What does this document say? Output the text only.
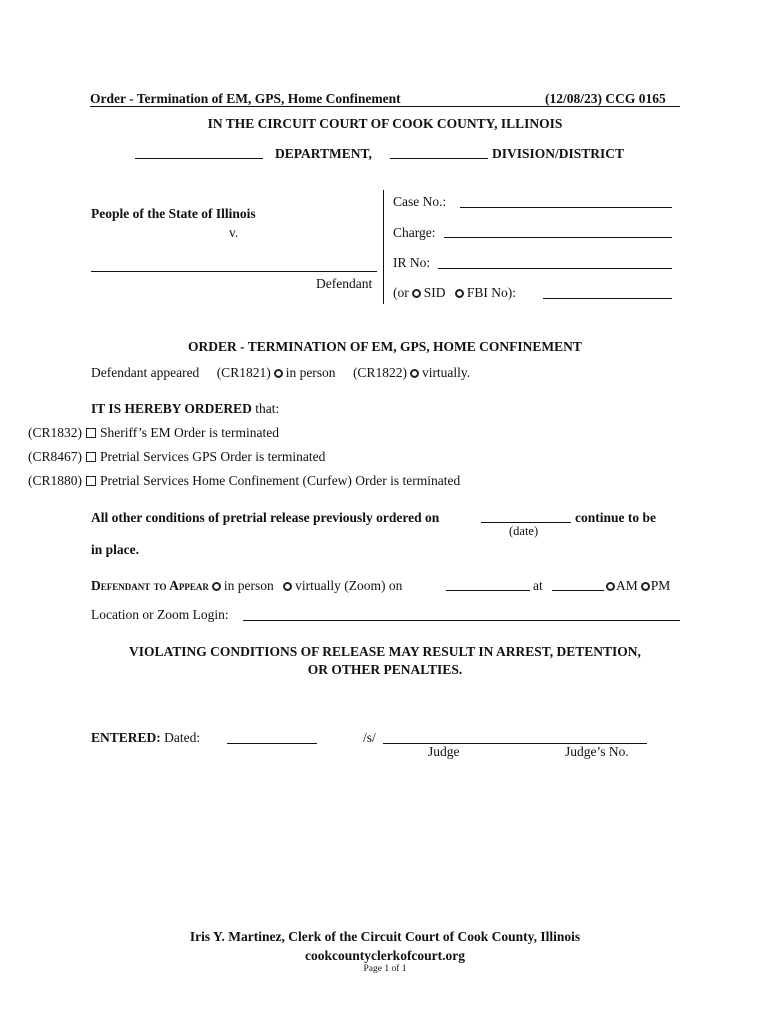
Order - Termination of EM, GPS, Home Confinement	(12/08/23) CCG 0165
IN THE CIRCUIT COURT OF COOK COUNTY, ILLINOIS
DEPARTMENT,	DIVISION/DISTRICT
People of the State of Illinois
v.
Defendant
Case No.:
Charge:
IR No:
(or SID FBI No):
ORDER - TERMINATION OF EM, GPS, HOME CONFINEMENT
Defendant appeared (CR1821) in person (CR1822) virtually.
IT IS HEREBY ORDERED that:
(CR1832) Sheriff’s EM Order is terminated
(CR8467) Pretrial Services GPS Order is terminated
(CR1880) Pretrial Services Home Confinement (Curfew) Order is terminated
All other conditions of pretrial release previously ordered on	continue to be
(date)
in place.
Defendant to Appear in person virtually (Zoom) on	at	AM PM
Location or Zoom Login:
VIOLATING CONDITIONS OF RELEASE MAY RESULT IN ARREST, DETENTION,
OR OTHER PENALTIES.
ENTERED: Dated:	/s/
Judge	Judge’s No.
Iris Y. Martinez, Clerk of the Circuit Court of Cook County, Illinois
cookcountyclerkofcourt.org
Page 1 of 1
